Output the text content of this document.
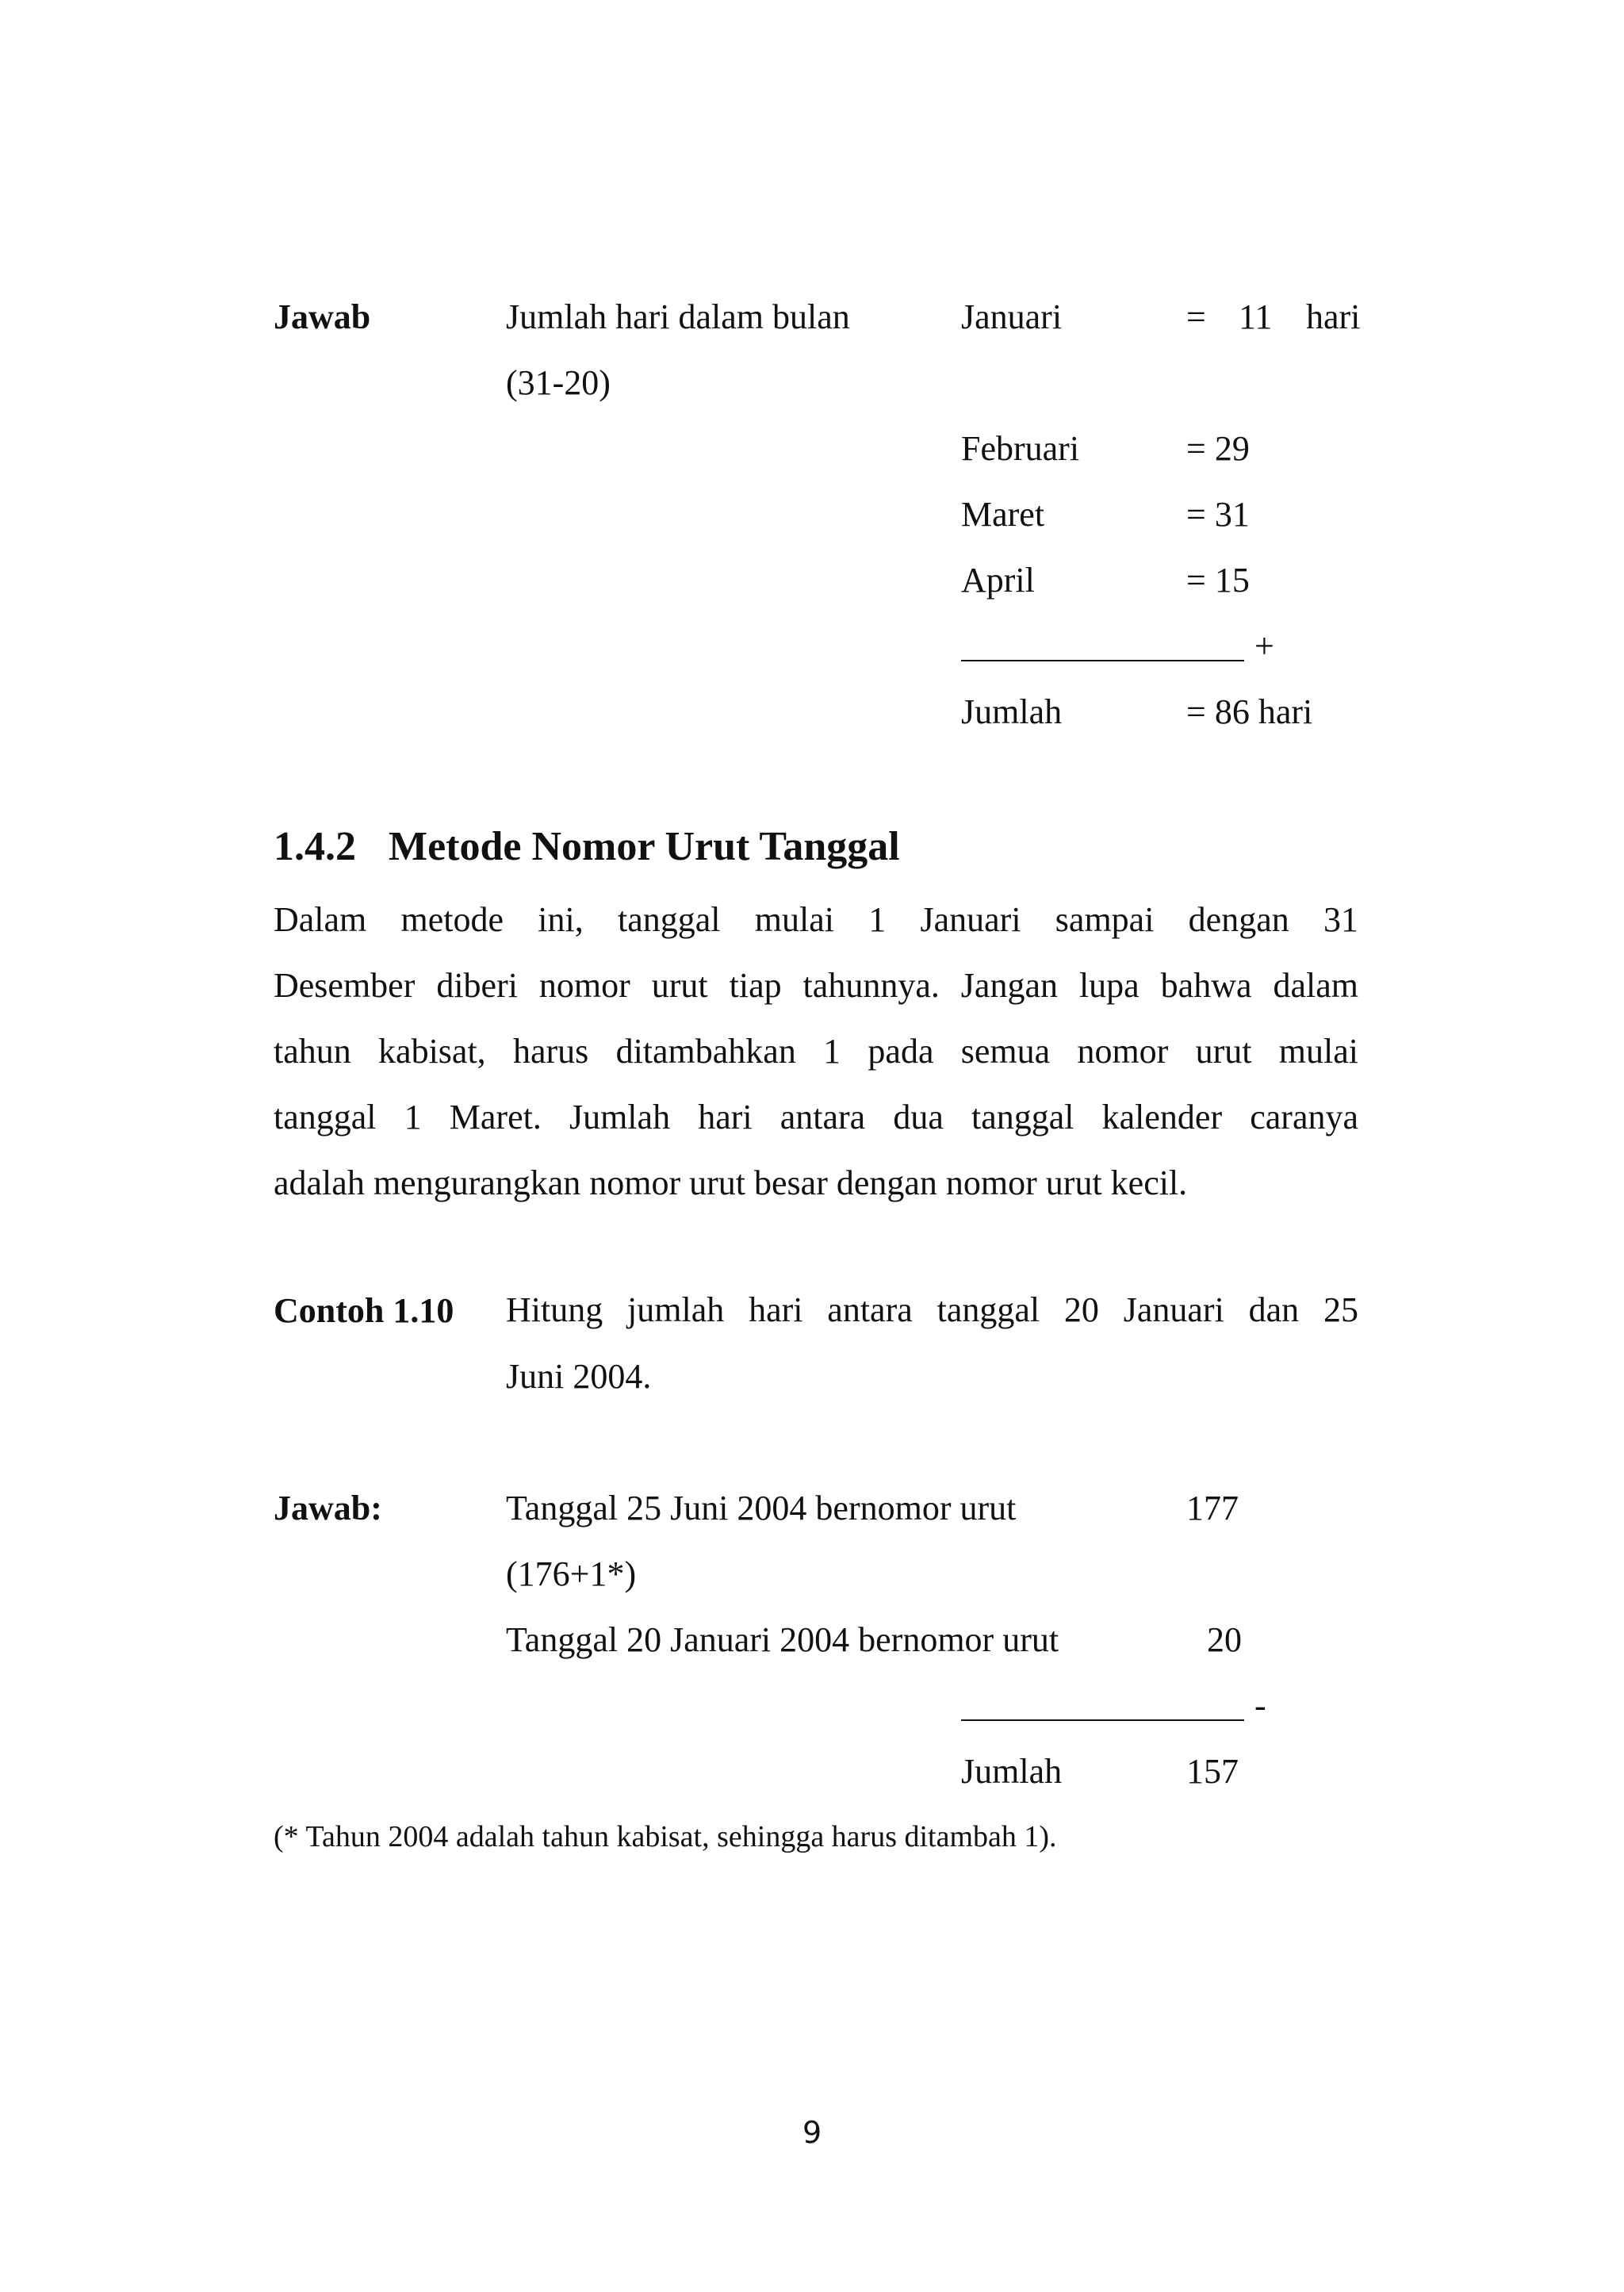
Jawab	Jumlah hari dalam bulan
(31-20)
Januari	= 11 hari
Februari	= 29
Maret	= 31
April	= 15
+
Jumlah	= 86 hari
1.4.2 Metode Nomor Urut Tanggal
Dalam metode ini, tanggal mulai 1 Januari sampai dengan 31
Desember diberi nomor urut tiap tahunnya. Jangan lupa bahwa dalam
tahun kabisat, harus ditambahkan 1 pada semua nomor urut mulai
tanggal 1 Maret. Jumlah hari antara dua tanggal kalender caranya
adalah mengurangkan nomor urut besar dengan nomor urut kecil.
Contoh 1.10 Hitung jumlah hari antara tanggal 20 Januari dan 25
Juni 2004.
Jawab:	Tanggal 25 Juni 2004 bernomor urut	177
(176+1*)
Tanggal 20 Januari 2004 bernomor urut	20
-
Jumlah	157
(* Tahun 2004 adalah tahun kabisat, sehingga harus ditambah 1).
9
